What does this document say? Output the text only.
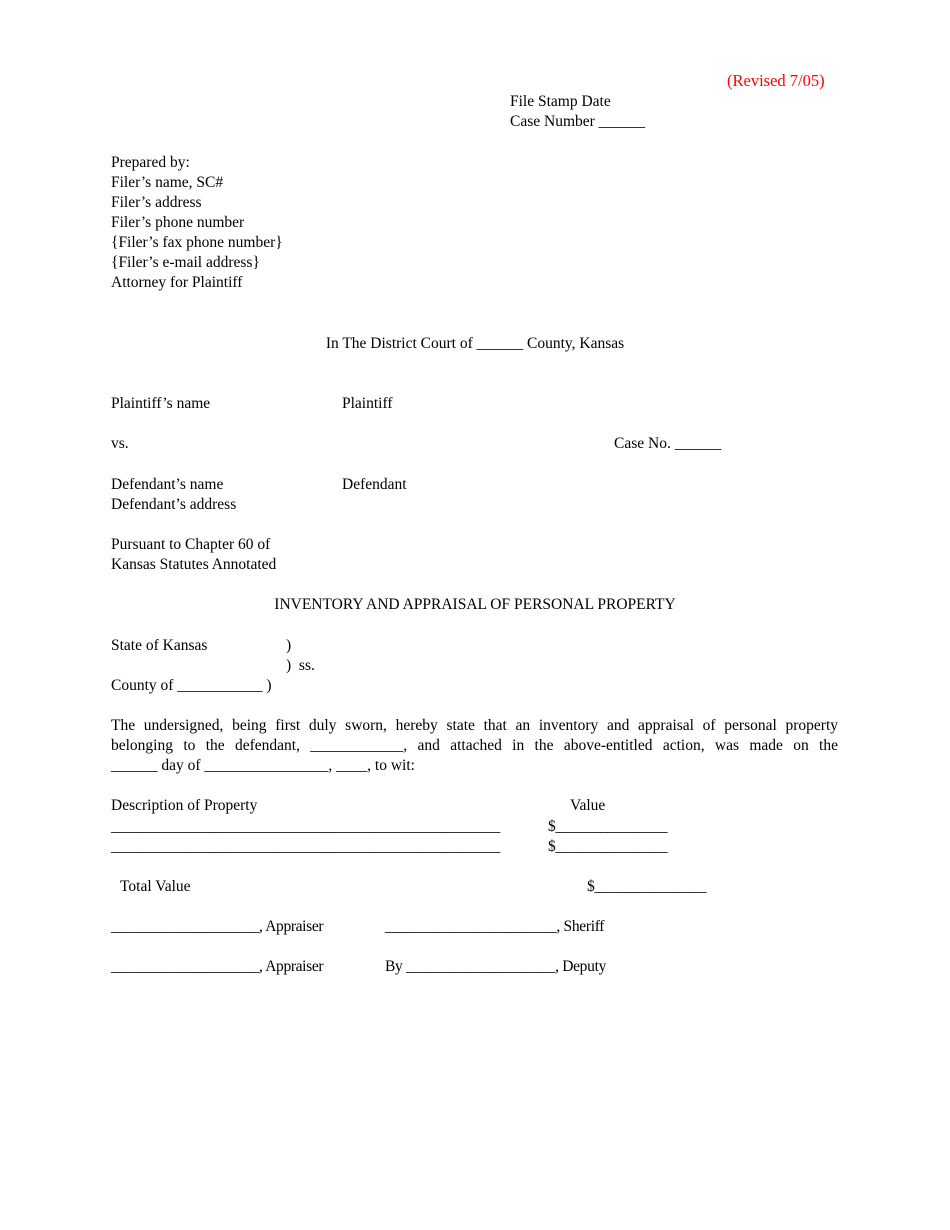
(Revised 7/05)
File Stamp Date
Case Number ______
Prepared by:
Filer’s name, SC#
Filer’s address
Filer’s phone number
{Filer’s fax phone number}
{Filer’s e-mail address}
Attorney for Plaintiff
In The District Court of ______ County, Kansas
Plaintiff’s name	Plaintiff
vs.	Case No. ______
Defendant’s name	Defendant
Defendant’s address
Pursuant to Chapter 60 of
Kansas Statutes Annotated
INVENTORY AND APPRAISAL OF PERSONAL PROPERTY
State of Kansas	)
)  ss.
County of ___________ )
The undersigned, being first duly sworn, hereby state that an inventory and appraisal of personal property
belonging to the defendant, ____________, and attached in the above-entitled action, was made on the
______ day of ________________, ____, to wit:
Description of Property	Value
____________________________________________________	$_______________
____________________________________________________	$_______________
Total Value	$_______________
____________________, Appraiser	_______________________, Sheriff
____________________, Appraiser	By ____________________, Deputy
